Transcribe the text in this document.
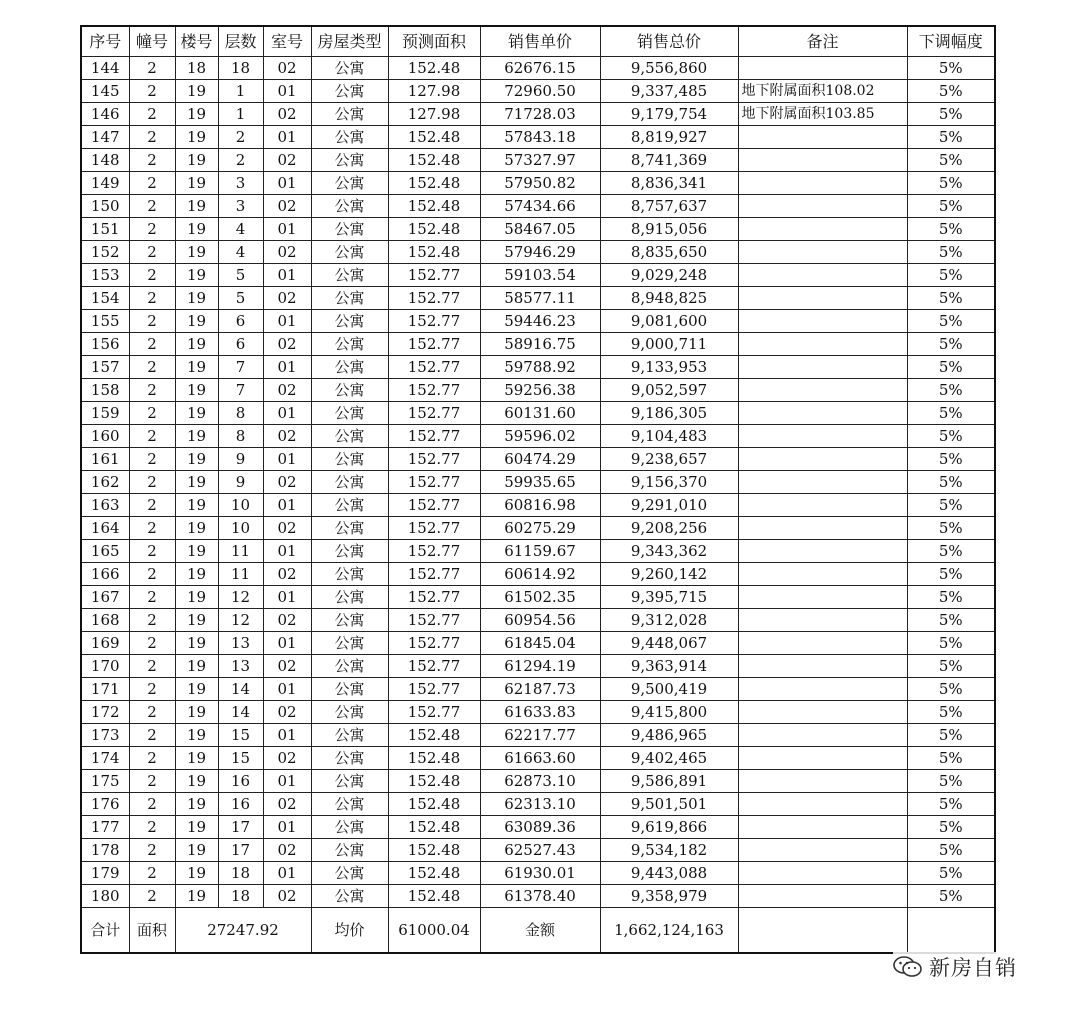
序号	幢号	楼号	层数	室号	房屋类型	预测面积	销售单价	销售总价	备注	下调幅度
144	2	18	18	02	公寓	152.48	62676.15	9,556,860		5%
145	2	19	1	01	公寓	127.98	72960.50	9,337,485	地下附属面积108.02	5%
146	2	19	1	02	公寓	127.98	71728.03	9,179,754	地下附属面积103.85	5%
147	2	19	2	01	公寓	152.48	57843.18	8,819,927		5%
148	2	19	2	02	公寓	152.48	57327.97	8,741,369		5%
149	2	19	3	01	公寓	152.48	57950.82	8,836,341		5%
150	2	19	3	02	公寓	152.48	57434.66	8,757,637		5%
151	2	19	4	01	公寓	152.48	58467.05	8,915,056		5%
152	2	19	4	02	公寓	152.48	57946.29	8,835,650		5%
153	2	19	5	01	公寓	152.77	59103.54	9,029,248		5%
154	2	19	5	02	公寓	152.77	58577.11	8,948,825		5%
155	2	19	6	01	公寓	152.77	59446.23	9,081,600		5%
156	2	19	6	02	公寓	152.77	58916.75	9,000,711		5%
157	2	19	7	01	公寓	152.77	59788.92	9,133,953		5%
158	2	19	7	02	公寓	152.77	59256.38	9,052,597		5%
159	2	19	8	01	公寓	152.77	60131.60	9,186,305		5%
160	2	19	8	02	公寓	152.77	59596.02	9,104,483		5%
161	2	19	9	01	公寓	152.77	60474.29	9,238,657		5%
162	2	19	9	02	公寓	152.77	59935.65	9,156,370		5%
163	2	19	10	01	公寓	152.77	60816.98	9,291,010		5%
164	2	19	10	02	公寓	152.77	60275.29	9,208,256		5%
165	2	19	11	01	公寓	152.77	61159.67	9,343,362		5%
166	2	19	11	02	公寓	152.77	60614.92	9,260,142		5%
167	2	19	12	01	公寓	152.77	61502.35	9,395,715		5%
168	2	19	12	02	公寓	152.77	60954.56	9,312,028		5%
169	2	19	13	01	公寓	152.77	61845.04	9,448,067		5%
170	2	19	13	02	公寓	152.77	61294.19	9,363,914		5%
171	2	19	14	01	公寓	152.77	62187.73	9,500,419		5%
172	2	19	14	02	公寓	152.77	61633.83	9,415,800		5%
173	2	19	15	01	公寓	152.48	62217.77	9,486,965		5%
174	2	19	15	02	公寓	152.48	61663.60	9,402,465		5%
175	2	19	16	01	公寓	152.48	62873.10	9,586,891		5%
176	2	19	16	02	公寓	152.48	62313.10	9,501,501		5%
177	2	19	17	01	公寓	152.48	63089.36	9,619,866		5%
178	2	19	17	02	公寓	152.48	62527.43	9,534,182		5%
179	2	19	18	01	公寓	152.48	61930.01	9,443,088		5%
180	2	19	18	02	公寓	152.48	61378.40	9,358,979		5%
合计	面积	27247.92			均价	61000.04	金额	1,662,124,163		
新房自销
